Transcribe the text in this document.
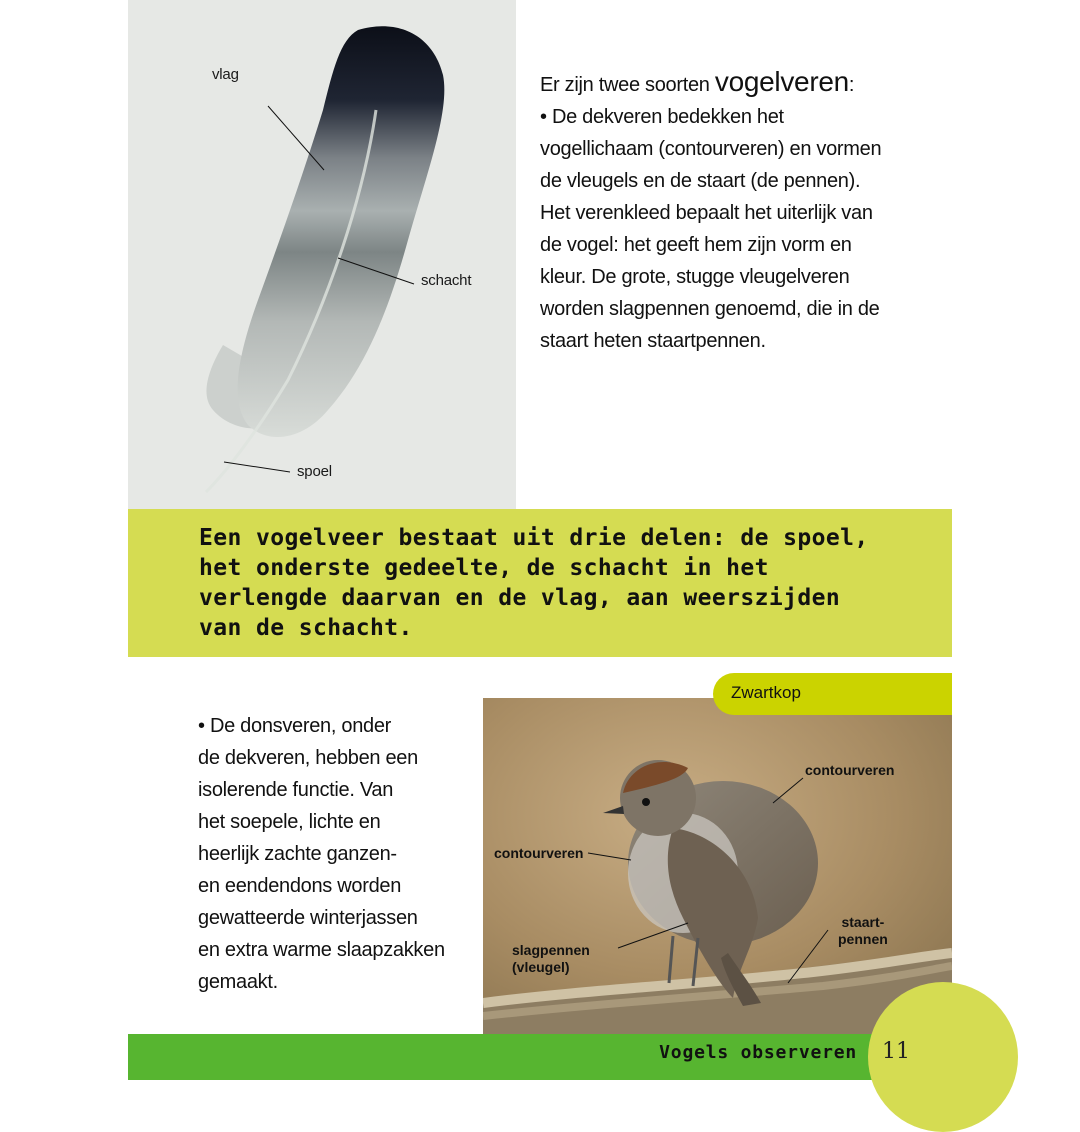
vlag
schacht
spoel

Er zijn twee soorten vogelveren:

• De dekveren bedekken het vogellichaam (contourveren) en vormen de vleugels en de staart (de pennen).

Het verenkleed bepaalt het uiterlijk van de vogel: het geeft hem zijn vorm en kleur. De grote, stugge vleugelveren worden slagpennen genoemd, die in de staart heten staartpennen.

Een vogelveer bestaat uit drie delen: de spoel,
het onderste gedeelte, de schacht in het
verlengde daarvan en de vlag, aan weerszijden
van de schacht.

• De donsveren, onder

de dekveren, hebben een

isolerende functie. Van

het soepele, lichte en

heerlijk zachte ganzen-

en eendendons worden

gewatteerde winterjassen

en extra warme slaapzakken

gemaakt.

Zwartkop
contourveren
contourveren
slagpennen
(vleugel)
staart-
pennen
Vogels observeren 11
